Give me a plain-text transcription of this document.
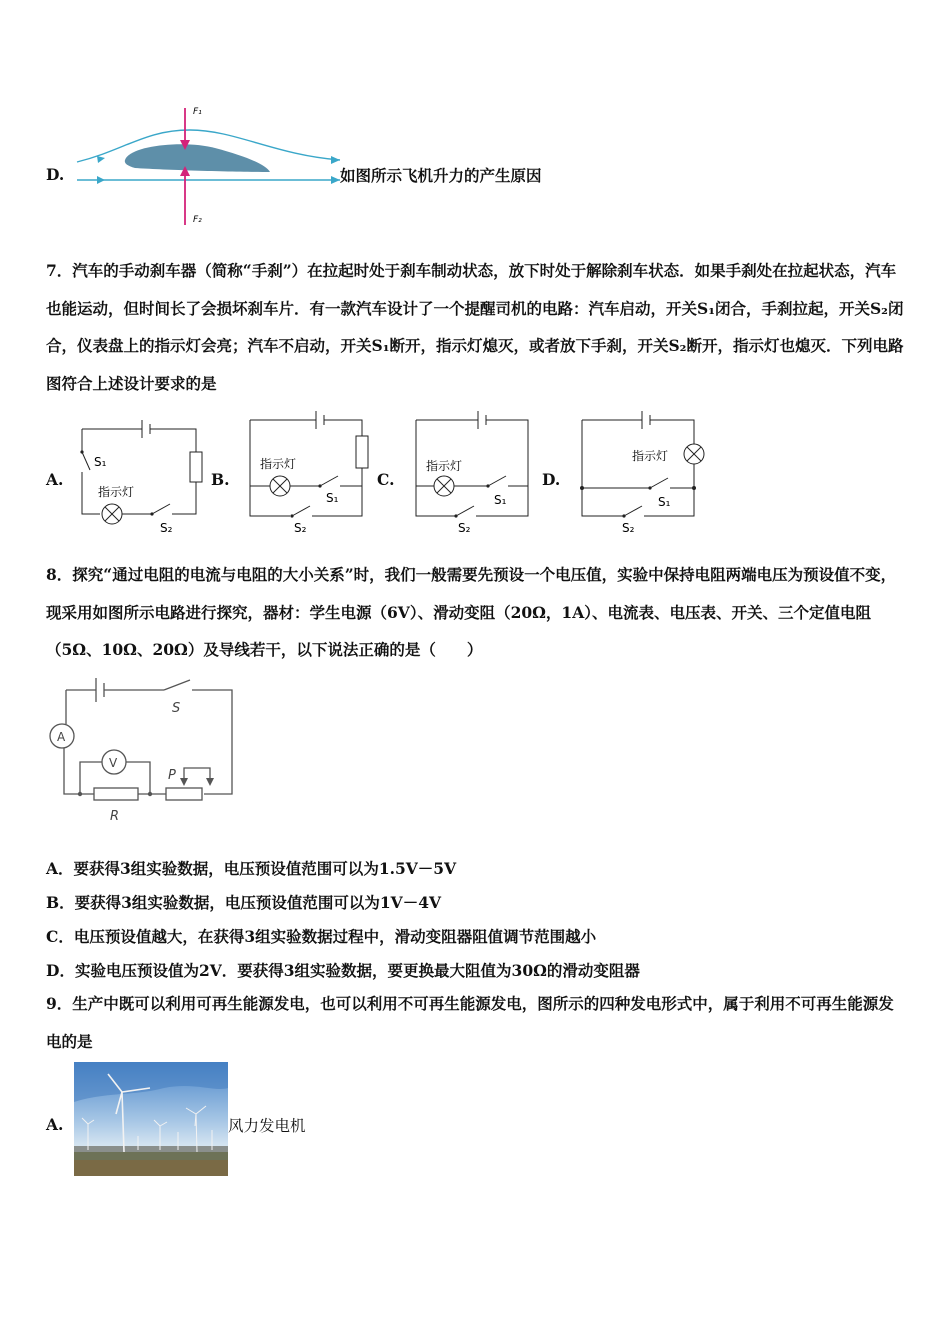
D.
F₁
F₂
如图所示飞机升力的产生原因
7．汽车的手动刹车器（简称“手刹”）在拉起时处于刹车制动状态，放下时处于解除刹车状态．如果手刹处在拉起状态，汽车也能运动，但时间长了会损坏刹车片．有一款汽车设计了一个提醒司机的电路：汽车启动，开关S₁闭合，手刹拉起，开关S₂闭合，仪表盘上的指示灯会亮；汽车不启动，开关S₁断开，指示灯熄灭，或者放下手刹，开关S₂断开，指示灯也熄灭．下列电路图符合上述设计要求的是
A.
S₁
指示灯
S₂
B.
指示灯
S₁
S₂
C.
指示灯
S₁
S₂
D.
指示灯
S₁
S₂
8．探究“通过电阻的电流与电阻的大小关系”时，我们一般需要先预设一个电压值，实验中保持电阻两端电压为预设值不变，现采用如图所示电路进行探究，器材：学生电源（6V）、滑动变阻（20Ω，1A）、电流表、电压表、开关、三个定值电阻（5Ω、10Ω、20Ω）及导线若干，以下说法正确的是（　　）
S
A
V
P
R
A．要获得3组实验数据，电压预设值范围可以为1.5V－5V
B．要获得3组实验数据，电压预设值范围可以为1V－4V
C．电压预设值越大，在获得3组实验数据过程中，滑动变阻器阻值调节范围越小
D．实验电压预设值为2V．要获得3组实验数据，要更换最大阻值为30Ω的滑动变阻器
9．生产中既可以利用可再生能源发电，也可以利用不可再生能源发电，图所示的四种发电形式中，属于利用不可再生能源发电的是
A.	风力发电机
